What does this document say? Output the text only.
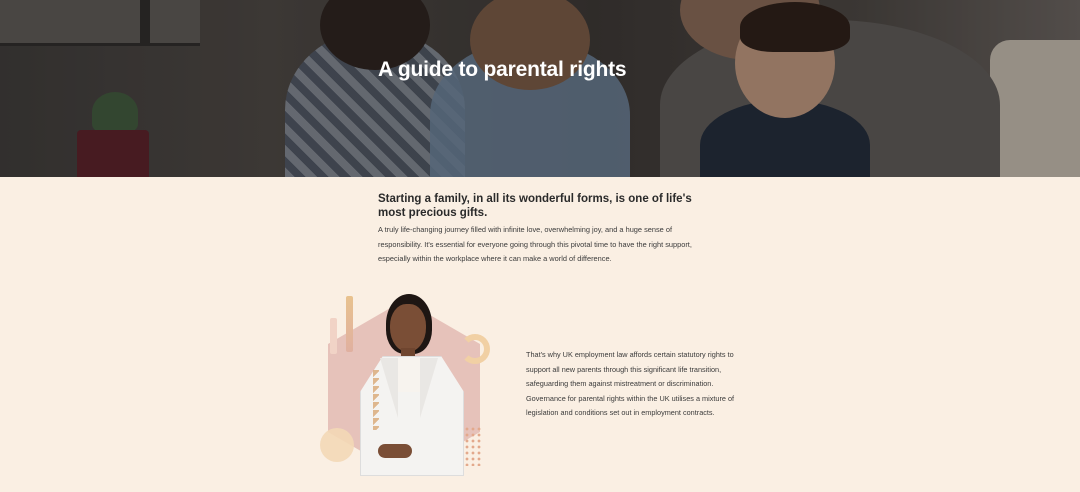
A guide to parental rights
Starting a family, in all its wonderful forms, is one of life's most precious gifts.

A truly life-changing journey filled with infinite love, overwhelming joy, and a huge sense of responsibility. It's essential for everyone going through this pivotal time to have the right support, especially within the workplace where it can make a world of difference.

That's why UK employment law affords certain statutory rights to support all new parents through this significant life transition, safeguarding them against mistreatment or discrimination. Governance for parental rights within the UK utilises a mixture of legislation and conditions set out in employment contracts.
